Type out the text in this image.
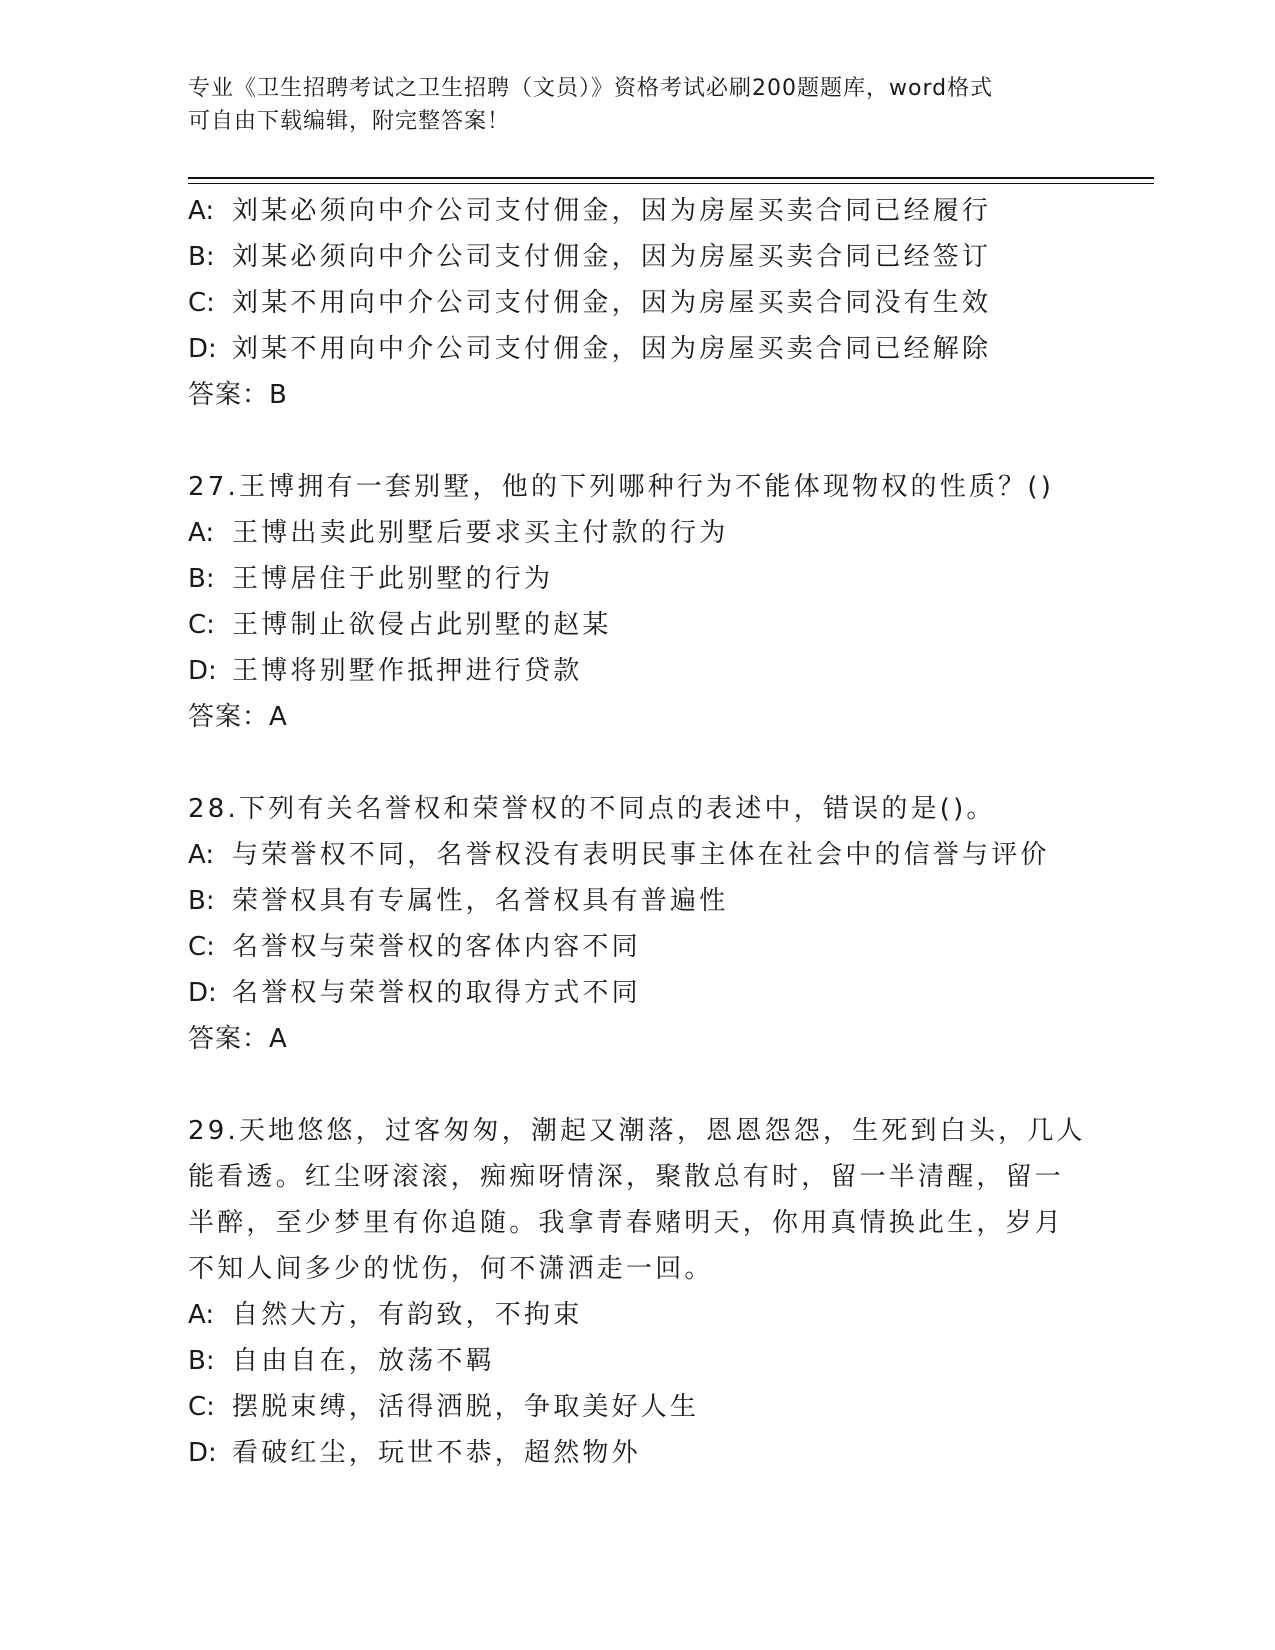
专业《卫生招聘考试之卫生招聘（文员）》资格考试必刷200题题库，word格式

可自由下载编辑，附完整答案！

A: 刘某必须向中介公司支付佣金，因为房屋买卖合同已经履行

B: 刘某必须向中介公司支付佣金，因为房屋买卖合同已经签订

C: 刘某不用向中介公司支付佣金，因为房屋买卖合同没有生效

D: 刘某不用向中介公司支付佣金，因为房屋买卖合同已经解除

答案：B

27.王博拥有一套别墅，他的下列哪种行为不能体现物权的性质？()

A: 王博出卖此别墅后要求买主付款的行为

B: 王博居住于此别墅的行为

C: 王博制止欲侵占此别墅的赵某

D: 王博将别墅作抵押进行贷款

答案：A

28.下列有关名誉权和荣誉权的不同点的表述中，错误的是()。

A: 与荣誉权不同，名誉权没有表明民事主体在社会中的信誉与评价

B: 荣誉权具有专属性，名誉权具有普遍性

C: 名誉权与荣誉权的客体内容不同

D: 名誉权与荣誉权的取得方式不同

答案：A

29.天地悠悠，过客匆匆，潮起又潮落，恩恩怨怨，生死到白头，几人

能看透。红尘呀滚滚，痴痴呀情深，聚散总有时，留一半清醒，留一

半醉，至少梦里有你追随。我拿青春赌明天，你用真情换此生，岁月

不知人间多少的忧伤，何不潇洒走一回。

A: 自然大方，有韵致，不拘束

B: 自由自在，放荡不羁

C: 摆脱束缚，活得洒脱，争取美好人生

D: 看破红尘，玩世不恭，超然物外
